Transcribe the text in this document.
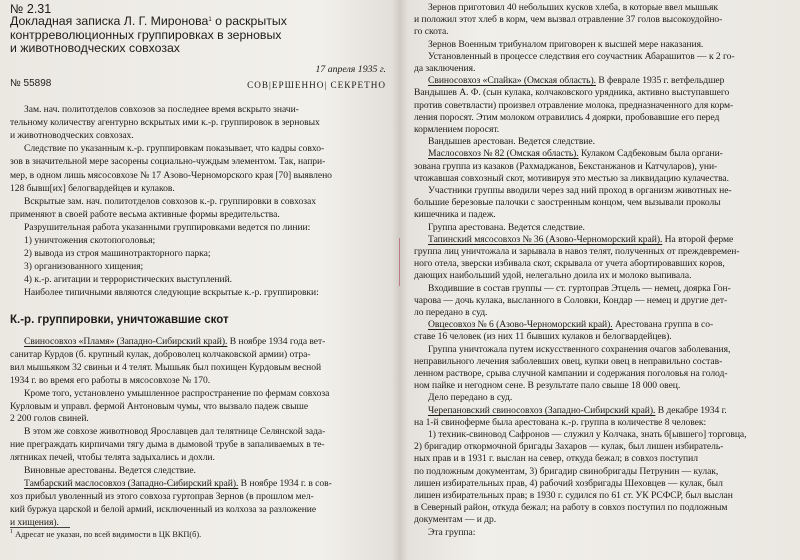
№ 2.31
Докладная записка Л. Г. Миронова$^1$ о раскрытых
контрреволюционных группировках в зерновых
и животноводческих совхозах
17 апреля 1935 г.
№ 55898	СОВ|ЕРШЕННО| СЕКРЕТНО

Зам. нач. политотделов совхозов за последнее время вскрыто значи-

тельному количеству агентурно вскрытых ими к.-р. группировок в зерновых

и животноводческих совхозах.

Следствие по указанным к.-р. группировкам показывает, что кадры совхо-

зов в значительной мере засорены социально-чуждым элементом. Так, напри-

мер, в одном лишь мясосовхозе № 17 Азово-Черноморского края [70] выявлено

128 бывш[их] белогвардейцев и кулаков.

Вскрытые зам. нач. политотделов совхозов к.-р. группировки в совхозах

применяют в своей работе весьма активные формы вредительства.

Разрушительная работа указанными группировками ведется по линии:

1) уничтожения скотопоголовья;

2) вывода из строя машинотракторного парка;

3) организованного хищения;

4) к.-р. агитации и террористических выступлений.

Наиболее типичными являются следующие вскрытые к.-р. группировки:

К.-р. группировки, уничтожавшие скот

Свиносовхоз «Пламя» (Западно-Сибирский край). В ноябре 1934 года вет-

санитар Курдов (б. крупный кулак, доброволец колчаковской армии) отра-

вил мышьяком 32 свиньи и 4 телят. Мышьяк был похищен Курдовым весной

1934 г. во время его работы в мясосовхозе № 170.

Кроме того, установлено умышленное распространение по фермам совхоза

Курловым и управл. фермой Антоновым чумы, что вызвало падеж свыше

2 200 голов свиней.

В этом же совхозе животновод Ярославцев дал телятнице Селянской зада-

ние преграждать кирпичами тягу дыма в дымовой трубе в запаливаемых в те-

лятниках печей, чтобы телята задыхались и дохли.

Виновные арестованы. Ведется следствие.

Тамбарский маслосовхоз (Западно-Сибирский край). В ноябре 1934 г. в сов-

хоз прибыл уволенный из этого совхоза гуртоправ Зернов (в прошлом мел-

кий буржуа царской и белой армий, исключенный из колхоза за разложение

и хищения).

$^1$ Адресат не указан, по всей видимости в ЦК ВКП(б).

Зернов приготовил 40 небольших кусков хлеба, в которые ввел мышьяк

и положил этот хлеб в корм, чем вызвал отравление 37 голов высокоудойно-

го скота.

Зернов Военным трибуналом приговорен к высшей мере наказания.

Установленный в процессе следствия его соучастник Абарашитов — к 2 го-

да заключения.

Свиносовхоз «Спайка» (Омская область). В феврале 1935 г. ветфельдшер

Вандышев А. Ф. (сын кулака, колчаковского урядника, активно выступавшего

против советвласти) произвел отравление молока, предназначенного для корм-

ления поросят. Этим молоком отравились 4 доярки, пробовавшие его перед

кормлением поросят.

Вандышев арестован. Ведется следствие.

Маслосовхоз № 82 (Омская область). Кулаком Садбековым была органи-

зована группа из казаков (Рахмаджанов, Бекстанжанов и Катчуларов), уни-

чтожавшая совхозный скот, мотивируя это местью за ликвидацию кулачества.

Участники группы вводили через зад ний проход в организм животных не-

большие березовые палочки с заостренным концом, чем вызывали проколы

кишечника и падеж.

Группа арестована. Ведется следствие.

Тапинский мясосовхоз № 36 (Азово-Черноморский край). На второй ферме

группа лиц уничтожала и зарывала в навоз телят, полученных от преждевремен-

ного отела, зверски избивала скот, скрывала от учета абортировавших коров,

дающих наибольший удой, нелегально доила их и молоко выпивала.

Входившие в состав группы — ст. гуртоправ Этцель — немец, доярка Гон-

чарова — дочь кулака, высланного в Соловки, Кондар — немец и другие дет-

ло передано в суд.

Овцесовхоз № 6 (Азово-Черноморский край). Арестована группа в со-

ставе 16 человек (из них 11 бывших кулаков и белогвардейцев).

Группа уничтожала путем искусственного сохранения очагов заболевания,

неправильного лечения заболевших овец, купки овец в неправильно состав-

ленном растворе, срыва случной кампании и содержания поголовья на голод-

ном пайке и негодном сене. В результате пало свыше 18 000 овец.

Дело передано в суд.

Черепановский свиносовхоз (Западно-Сибирский край). В декабре 1934 г.

на 1-й свиноферме была арестована к.-р. группа в количестве 8 человек:

1) техник-свиновод Сафронов — служил у Колчака, знать б[ывшего] торговца,

2) бригадир откормочной бригады Захаров — кулак, был лишен избиратель-

ных прав и в 1931 г. выслан на север, откуда бежал; в совхоз поступил

по подложным документам, 3) бригадир свинобригады Петрунин — кулак,

лишен избирательных прав, 4) рабочий хозбригады Шеховцев — кулак, был

лишен избирательных прав; в 1930 г. судился по 61 ст. УК РСФСР, был выслан

в Северный район, откуда бежал; на работу в совхоз поступил по подложным

документам — и др.

Эта группа:
